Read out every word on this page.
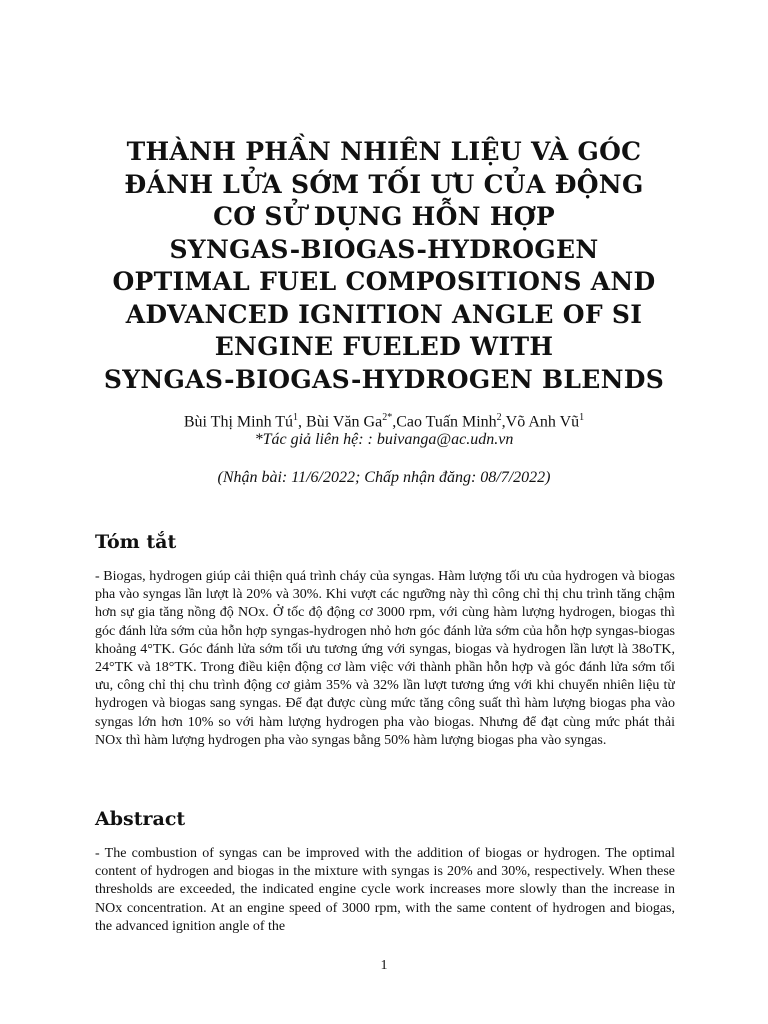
THÀNH PHẦN NHIÊN LIỆU VÀ GÓC
ĐÁNH LỬA SỚM TỐI ƯU CỦA ĐỘNG
CƠ SỬ DỤNG HỖN HỢP
SYNGAS-BIOGAS-HYDROGEN
OPTIMAL FUEL COMPOSITIONS AND
ADVANCED IGNITION ANGLE OF SI
ENGINE FUELED WITH
SYNGAS-BIOGAS-HYDROGEN BLENDS
Bùi Thị Minh $Tú^1$, Bùi Văn $Ga^{2*},Cao$ Tuấn Minh$^2$,Võ Anh $Vũ^1$
*Tác giả liên hệ: : buivanga@ac.udn.vn
(Nhận bài: 11/6/2022; Chấp nhận đăng: 08/7/2022)
Tóm tắt
- Biogas, hydrogen giúp cải thiện quá trình cháy của syngas. Hàm lượng tối ưu của hydrogen và biogas pha vào syngas lần lượt là 20% và 30%. Khi vượt các ngưỡng này thì công chỉ thị chu trình tăng chậm hơn sự gia tăng nồng độ NOx. Ở tốc độ động cơ 3000 rpm, với cùng hàm lượng hydrogen, biogas thì góc đánh lửa sớm của hỗn hợp syngas-hydrogen nhỏ hơn góc đánh lửa sớm của hỗn hợp syngas-biogas khoảng 4°TK. Góc đánh lửa sớm tối ưu tương ứng với syngas, biogas và hydrogen lần lượt là 38oTK, 24°TK và 18°TK. Trong điều kiện động cơ làm việc với thành phần hỗn hợp và góc đánh lửa sớm tối ưu, công chỉ thị chu trình động cơ giảm 35% và 32% lần lượt tương ứng với khi chuyển nhiên liệu từ hydrogen và biogas sang syngas. Để đạt được cùng mức tăng công suất thì hàm lượng biogas pha vào syngas lớn hơn 10% so với hàm lượng hydrogen pha vào biogas. Nhưng để đạt cùng mức phát thải NOx thì hàm lượng hydrogen pha vào syngas bằng 50% hàm lượng biogas pha vào syngas.
Abstract
- The combustion of syngas can be improved with the addition of biogas or hydrogen. The optimal content of hydrogen and biogas in the mixture with syngas is 20% and 30%, respectively. When these thresholds are exceeded, the indicated engine cycle work increases more slowly than the increase in NOx concentration. At an engine speed of 3000 rpm, with the same content of hydrogen and biogas, the advanced ignition angle of the
1
